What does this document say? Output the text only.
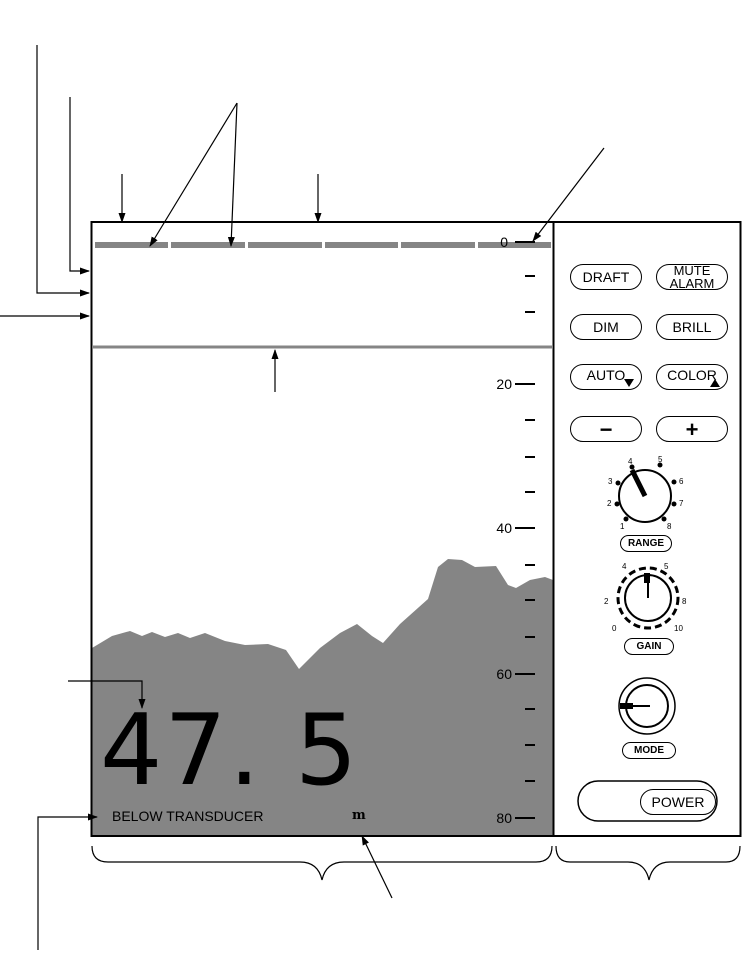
0
20
40
60
80
47. 5
BELOW TRANSDUCER	m
DRAFT	MUTE
ALARM
DIM	BRILL
AUTO	COLOR
−	+
1
2
3
4	5
6
7
8
RANGE
0
2
4	5
8
10
GAIN
MODE
POWER
